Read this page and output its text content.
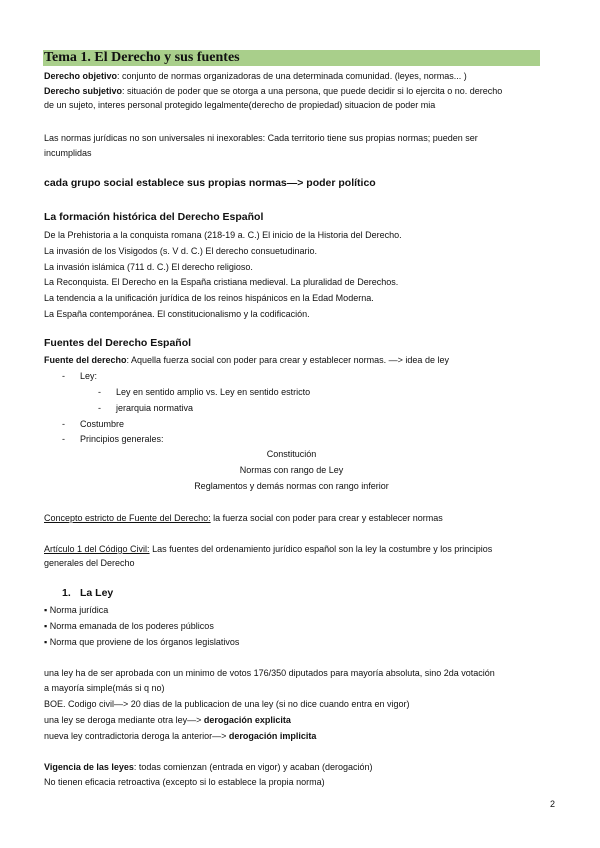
Tema 1. El Derecho y sus fuentes
Derecho objetivo: conjunto de normas organizadoras de una determinada comunidad. (leyes, normas... )
Derecho subjetivo: situación de poder que se otorga a una persona, que puede decidir si lo ejercita o no. derecho
de un sujeto, interes personal protegido legalmente(derecho de propiedad) situacion de poder mia
Las normas jurídicas no son universales ni inexorables: Cada territorio tiene sus propias normas; pueden ser
incumplidas
cada grupo social establece sus propias normas—> poder político
La formación histórica del Derecho Español
De la Prehistoria a la conquista romana (218-19 a. C.) El inicio de la Historia del Derecho.
La invasión de los Visigodos (s. V d. C.) El derecho consuetudinario.
La invasión islámica (711 d. C.) El derecho religioso.
La Reconquista. El Derecho en la España cristiana medieval. La pluralidad de Derechos.
La tendencia a la unificación jurídica de los reinos hispánicos en la Edad Moderna.
La España contemporánea. El constitucionalismo y la codificación.
Fuentes del Derecho Español
Fuente del derecho: Aquella fuerza social con poder para crear y establecer normas. —> idea de ley
- Ley:
- Ley en sentido amplio vs. Ley en sentido estricto
- jerarquia normativa
- Costumbre
- Principios generales:
Constitución
Normas con rango de Ley
Reglamentos y demás normas con rango inferior
Concepto estricto de Fuente del Derecho: la fuerza social con poder para crear y establecer normas
Artículo 1 del Código Civil: Las fuentes del ordenamiento jurídico español son la ley la costumbre y los principios
generales del Derecho
1. La Ley
▪ Norma jurídica
▪ Norma emanada de los poderes públicos
▪ Norma que proviene de los órganos legislativos
una ley ha de ser aprobada con un minimo de votos 176/350 diputados para mayoría absoluta, sino 2da votación
a mayoría simple(más si q no)
BOE. Codigo civil—> 20 dias de la publicacion de una ley (si no dice cuando entra en vigor)
una ley se deroga mediante otra ley—> derogación explicita
nueva ley contradictoria deroga la anterior—> derogación implicita
Vigencia de las leyes: todas comienzan (entrada en vigor) y acaban (derogación)
No tienen eficacia retroactiva (excepto si lo establece la propia norma)
2
